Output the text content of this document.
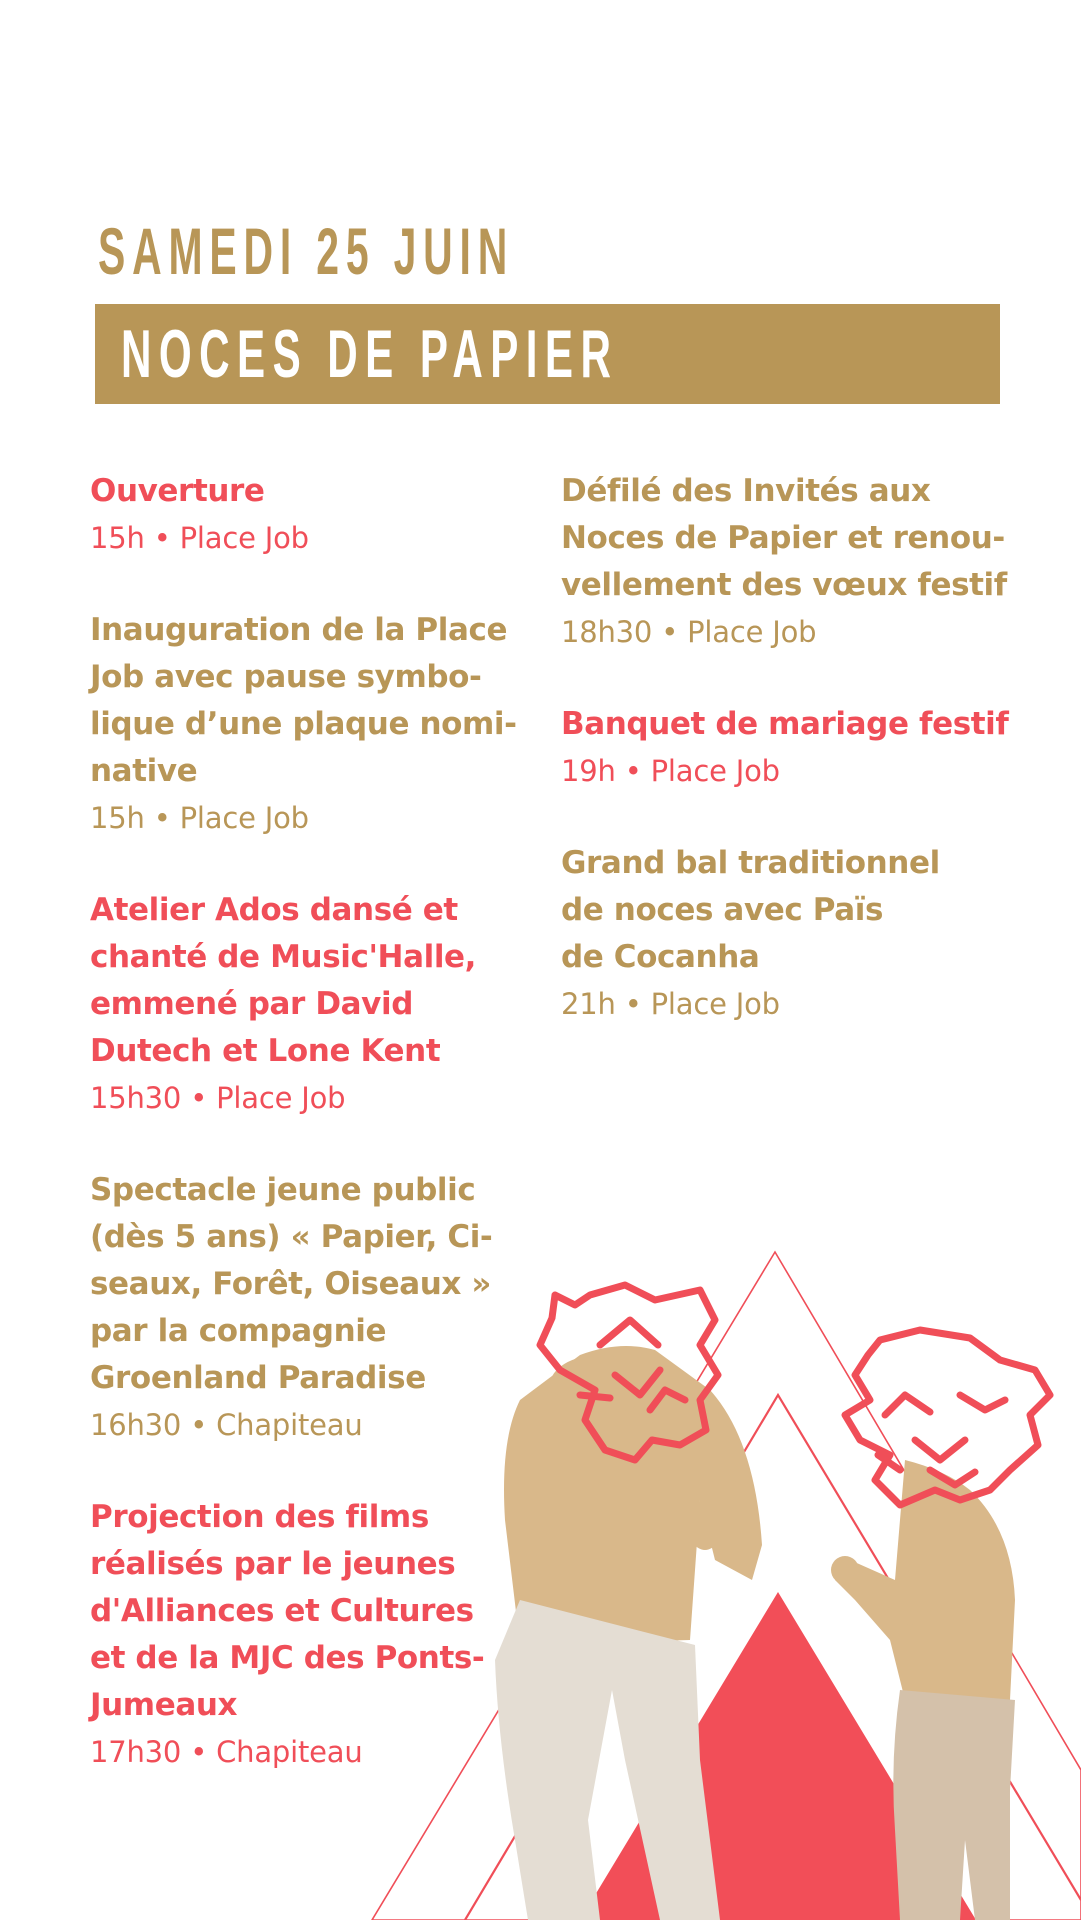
SAMEDI 25 JUIN
NOCES DE PAPIER

Ouverture

15h • Place Job

Inauguration de la Place
Job avec pause symbo-
lique d’une plaque nomi-
native

15h • Place Job

Atelier Ados dansé et
chanté de Music'Halle,
emmené par David
Dutech et Lone Kent

15h30 • Place Job

Spectacle jeune public
(dès 5 ans) « Papier, Ci-
seaux, Forêt, Oiseaux »
par la compagnie
Groenland Paradise

16h30 • Chapiteau

Projection des films
réalisés par le jeunes
d'Alliances et Cultures
et de la MJC des Ponts-
Jumeaux

17h30 • Chapiteau

Défilé des Invités aux
Noces de Papier et renou-
vellement des vœux festif

18h30 • Place Job

Banquet de mariage festif

19h • Place Job

Grand bal traditionnel
de noces avec Païs
de Cocanha

21h • Place Job
